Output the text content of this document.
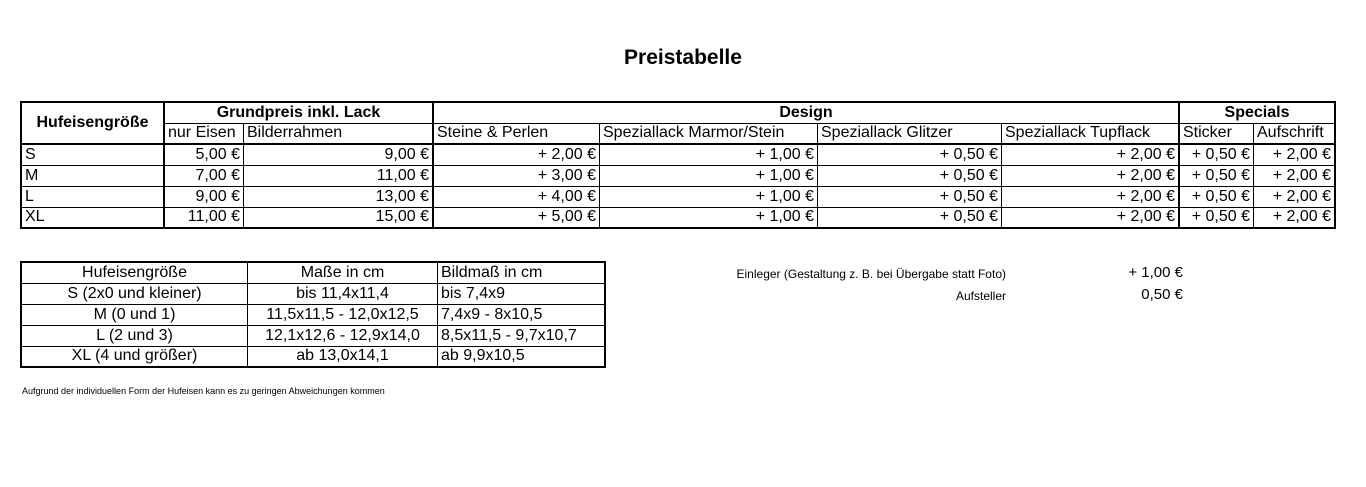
Preistabelle
Hufeisengröße	Grundpreis inkl. Lack		Design				Specials	
	nur Eisen	Bilderrahmen	Steine & Perlen	Speziallack Marmor/Stein	Speziallack Glitzer	Speziallack Tupflack	Sticker	Aufschrift
S	5,00 €	9,00 €	+ 2,00 €	+ 1,00 €	+ 0,50 €	+ 2,00 €	+ 0,50 €	+ 2,00 €
M	7,00 €	11,00 €	+ 3,00 €	+ 1,00 €	+ 0,50 €	+ 2,00 €	+ 0,50 €	+ 2,00 €
L	9,00 €	13,00 €	+ 4,00 €	+ 1,00 €	+ 0,50 €	+ 2,00 €	+ 0,50 €	+ 2,00 €
XL	11,00 €	15,00 €	+ 5,00 €	+ 1,00 €	+ 0,50 €	+ 2,00 €	+ 0,50 €	+ 2,00 €
Hufeisengröße	Maße in cm	Bildmaß in cm
S (2x0 und kleiner)	bis 11,4x11,4	bis 7,4x9
M (0 und 1)	11,5x11,5 - 12,0x12,5	7,4x9 - 8x10,5
L (2 und 3)	12,1x12,6 - 12,9x14,0	8,5x11,5 - 9,7x10,7
XL (4 und größer)	ab 13,0x14,1	ab 9,9x10,5
Einleger (Gestaltung z. B. bei Übergabe statt Foto)	+ 1,00 €
Aufsteller	0,50 €
Aufgrund der individuellen Form der Hufeisen kann es zu geringen Abweichungen kommen
